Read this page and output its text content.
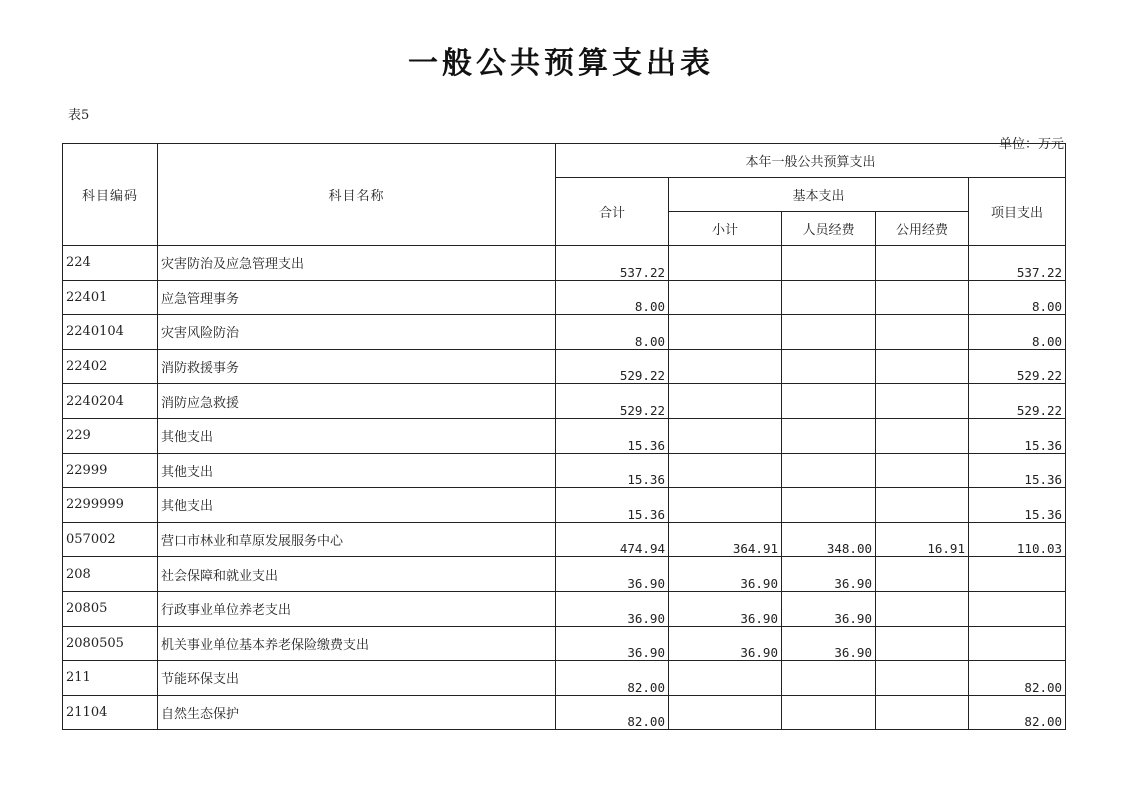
一般公共预算支出表
表5
单位：万元
科目编码	科目名称	本年一般公共预算支出				
		合计	基本支出			项目支出
			小计	人员经费	公用经费	
224	灾害防治及应急管理支出	537.22				537.22
22401	应急管理事务	8.00				8.00
2240104	灾害风险防治	8.00				8.00
22402	消防救援事务	529.22				529.22
2240204	消防应急救援	529.22				529.22
229	其他支出	15.36				15.36
22999	其他支出	15.36				15.36
2299999	其他支出	15.36				15.36
057002	营口市林业和草原发展服务中心	474.94	364.91	348.00	16.91	110.03
208	社会保障和就业支出	36.90	36.90	36.90		
20805	行政事业单位养老支出	36.90	36.90	36.90		
2080505	机关事业单位基本养老保险缴费支出	36.90	36.90	36.90		
211	节能环保支出	82.00				82.00
21104	自然生态保护	82.00				82.00
